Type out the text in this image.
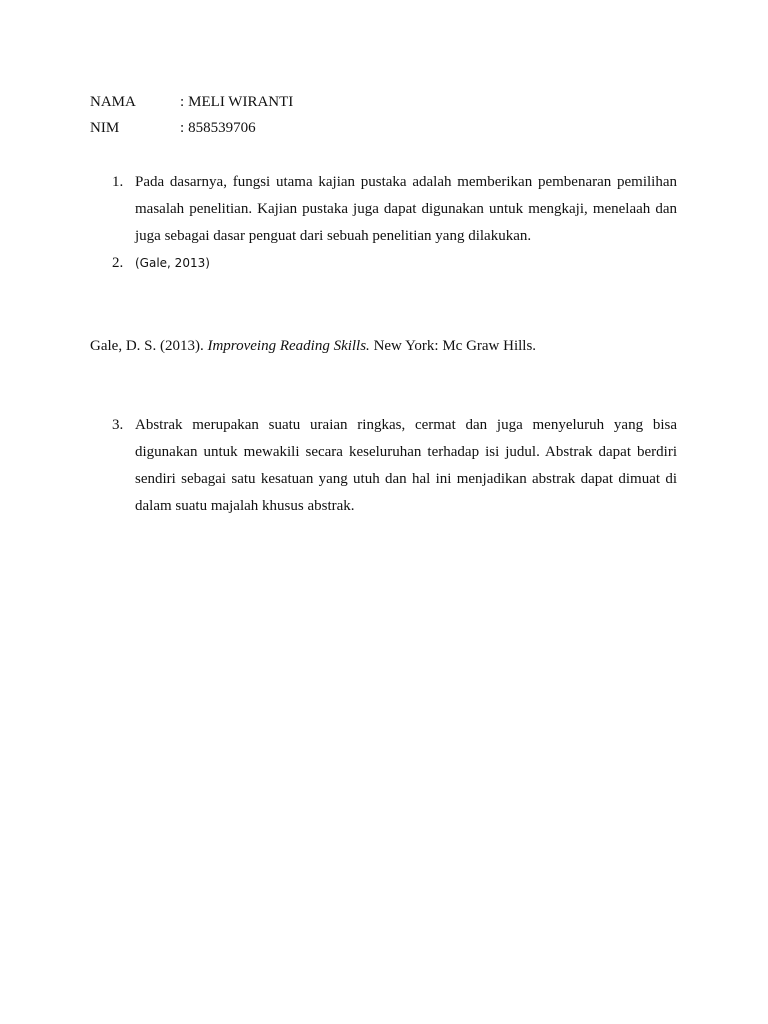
NAMA	: MELI WIRANTI
NIM	: 858539706
1. Pada dasarnya, fungsi utama kajian pustaka adalah memberikan pembenaran pemilihan masalah penelitian. Kajian pustaka juga dapat digunakan untuk mengkaji, menelaah dan juga sebagai dasar penguat dari sebuah penelitian yang dilakukan.
2. (Gale, 2013)
Gale, D. S. (2013). Improveing Reading Skills. New York: Mc Graw Hills.
3. Abstrak merupakan suatu uraian ringkas, cermat dan juga menyeluruh yang bisa digunakan untuk mewakili secara keseluruhan terhadap isi judul. Abstrak dapat berdiri sendiri sebagai satu kesatuan yang utuh dan hal ini menjadikan abstrak dapat dimuat di dalam suatu majalah khusus abstrak.
